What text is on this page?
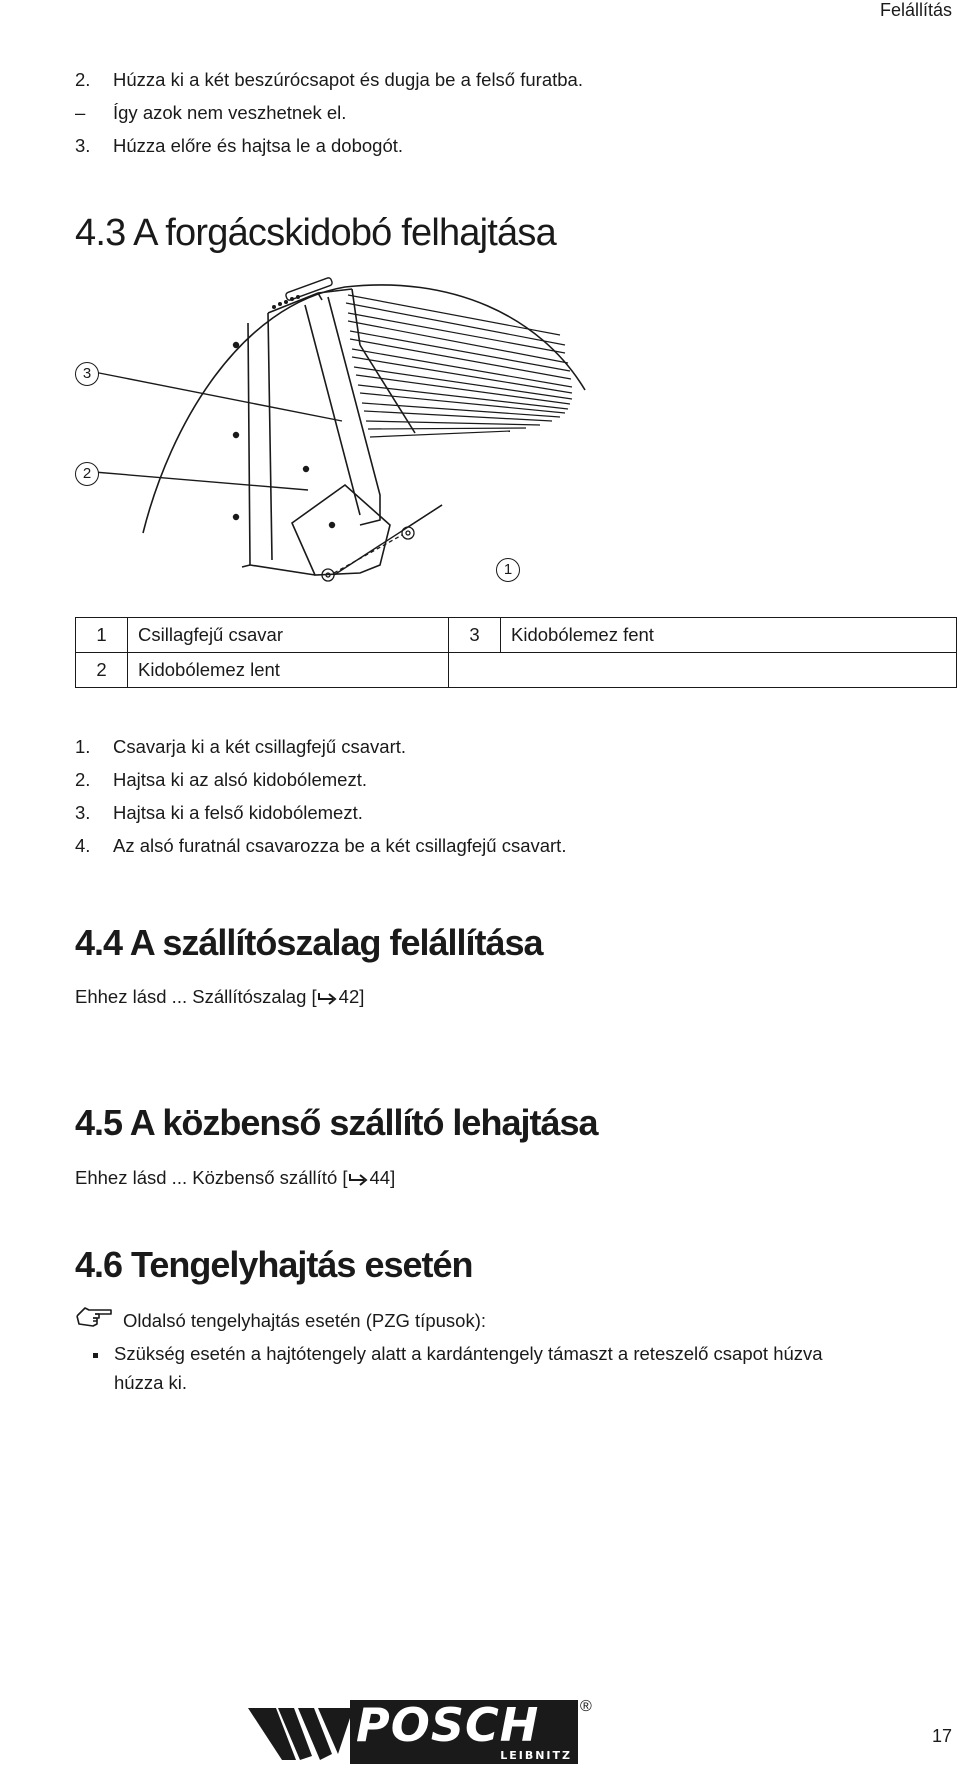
Felállítás
2. Húzza ki a két beszúrócsapot és dugja be a felső furatba.
– Így azok nem veszhetnek el.
3. Húzza előre és hajtsa le a dobogót.
4.3 A forgácskidobó felhajtása
3
2
1
1	Csillagfejű csavar	3	Kidobólemez fent
2	Kidobólemez lent		
1. Csavarja ki a két csillagfejű csavart.
2. Hajtsa ki az alsó kidobólemezt.
3. Hajtsa ki a felső kidobólemezt.
4. Az alsó furatnál csavarozza be a két csillagfejű csavart.
4.4 A szállítószalag felállítása
Ehhez lásd ... Szállítószalag [ 42]
4.5 A közbenső szállító lehajtása
Ehhez lásd ... Közbenső szállító [ 44]
4.6 Tengelyhajtás esetén
Oldalsó tengelyhajtás esetén (PZG típusok):
Szükség esetén a hajtótengely alatt a kardántengely támaszt a reteszelő csapot húzva
húzza ki.
POSCH
LEIBNITZ
®
17
